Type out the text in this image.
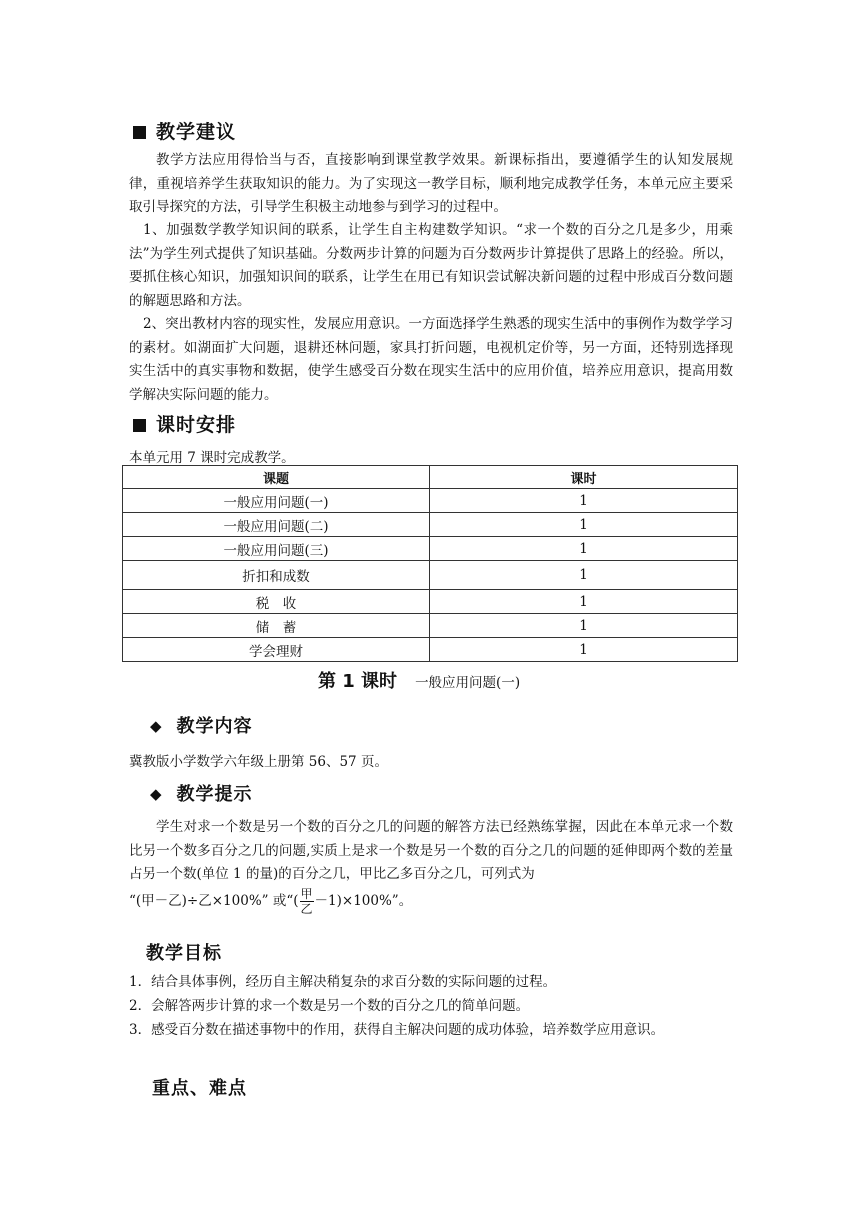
教学建议
教学方法应用得恰当与否，直接影响到课堂教学效果。新课标指出，要遵循学生的认知发展规律，重视培养学生获取知识的能力。为了实现这一教学目标，顺利地完成教学任务，本单元应主要采取引导探究的方法，引导学生积极主动地参与到学习的过程中。
1、加强数学教学知识间的联系，让学生自主构建数学知识。“求一个数的百分之几是多少，用乘法”为学生列式提供了知识基础。分数两步计算的问题为百分数两步计算提供了思路上的经验。所以，要抓住核心知识，加强知识间的联系，让学生在用已有知识尝试解决新问题的过程中形成百分数问题的解题思路和方法。
2、突出教材内容的现实性，发展应用意识。一方面选择学生熟悉的现实生活中的事例作为数学学习的素材。如湖面扩大问题，退耕还林问题，家具打折问题，电视机定价等，另一方面，还特别选择现实生活中的真实事物和数据，使学生感受百分数在现实生活中的应用价值，培养应用意识，提高用数学解决实际问题的能力。
课时安排
本单元用 7 课时完成教学。
课题	课时
一般应用问题(一)	1
一般应用问题(二)	1
一般应用问题(三)	1
折扣和成数	1
税　收	1
储　蓄	1
学会理财	1
第 1 课时 一般应用问题(一)
◆ 教学内容
冀教版小学数学六年级上册第 56、57 页。
◆ 教学提示
学生对求一个数是另一个数的百分之几的问题的解答方法已经熟练掌握，因此在本单元求一个数比另一个数多百分之几的问题,实质上是求一个数是另一个数的百分之几的问题的延伸即两个数的差量占另一个数(单位 1 的量)的百分之几，甲比乙多百分之几，可列式为
“(甲－乙)÷乙×100%” 或“( $\frac{\text{甲}}{\text{乙}} -1)\times 100\%$”。
教学目标
1．结合具体事例，经历自主解决稍复杂的求百分数的实际问题的过程。
2．会解答两步计算的求一个数是另一个数的百分之几的简单问题。
3．感受百分数在描述事物中的作用，获得自主解决问题的成功体验，培养数学应用意识。
重点、难点
